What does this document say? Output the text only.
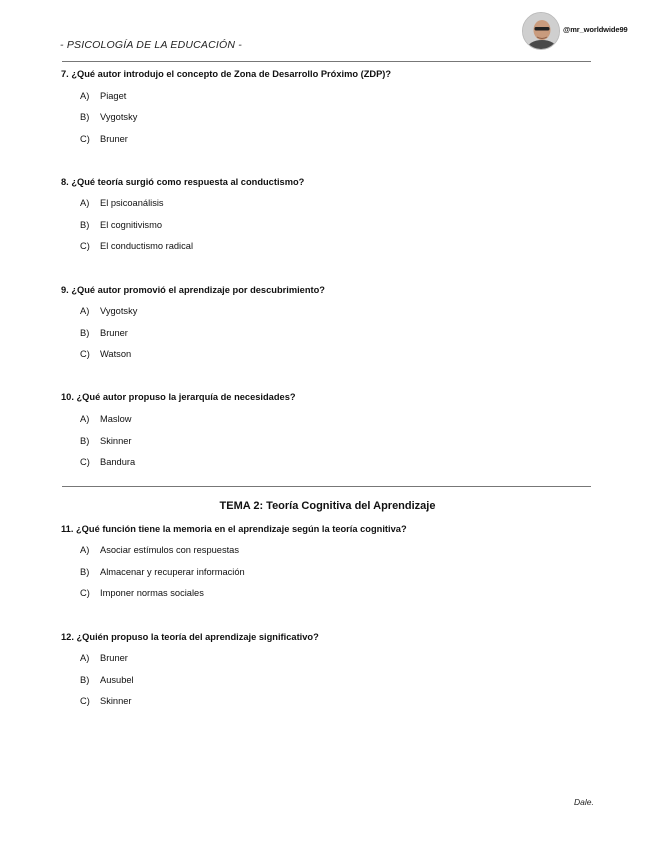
- PSICOLOGÍA DE LA EDUCACIÓN -
@mr_worldwide99
7. ¿Qué autor introdujo el concepto de Zona de Desarrollo Próximo (ZDP)?
A) Piaget
B) Vygotsky
C) Bruner
8. ¿Qué teoría surgió como respuesta al conductismo?
A) El psicoanálisis
B) El cognitivismo
C) El conductismo radical
9. ¿Qué autor promovió el aprendizaje por descubrimiento?
A) Vygotsky
B) Bruner
C) Watson
10. ¿Qué autor propuso la jerarquía de necesidades?
A) Maslow
B) Skinner
C) Bandura
TEMA 2: Teoría Cognitiva del Aprendizaje
11. ¿Qué función tiene la memoria en el aprendizaje según la teoría cognitiva?
A) Asociar estímulos con respuestas
B) Almacenar y recuperar información
C) Imponer normas sociales
12. ¿Quién propuso la teoría del aprendizaje significativo?
A) Bruner
B) Ausubel
C) Skinner
Dale.
